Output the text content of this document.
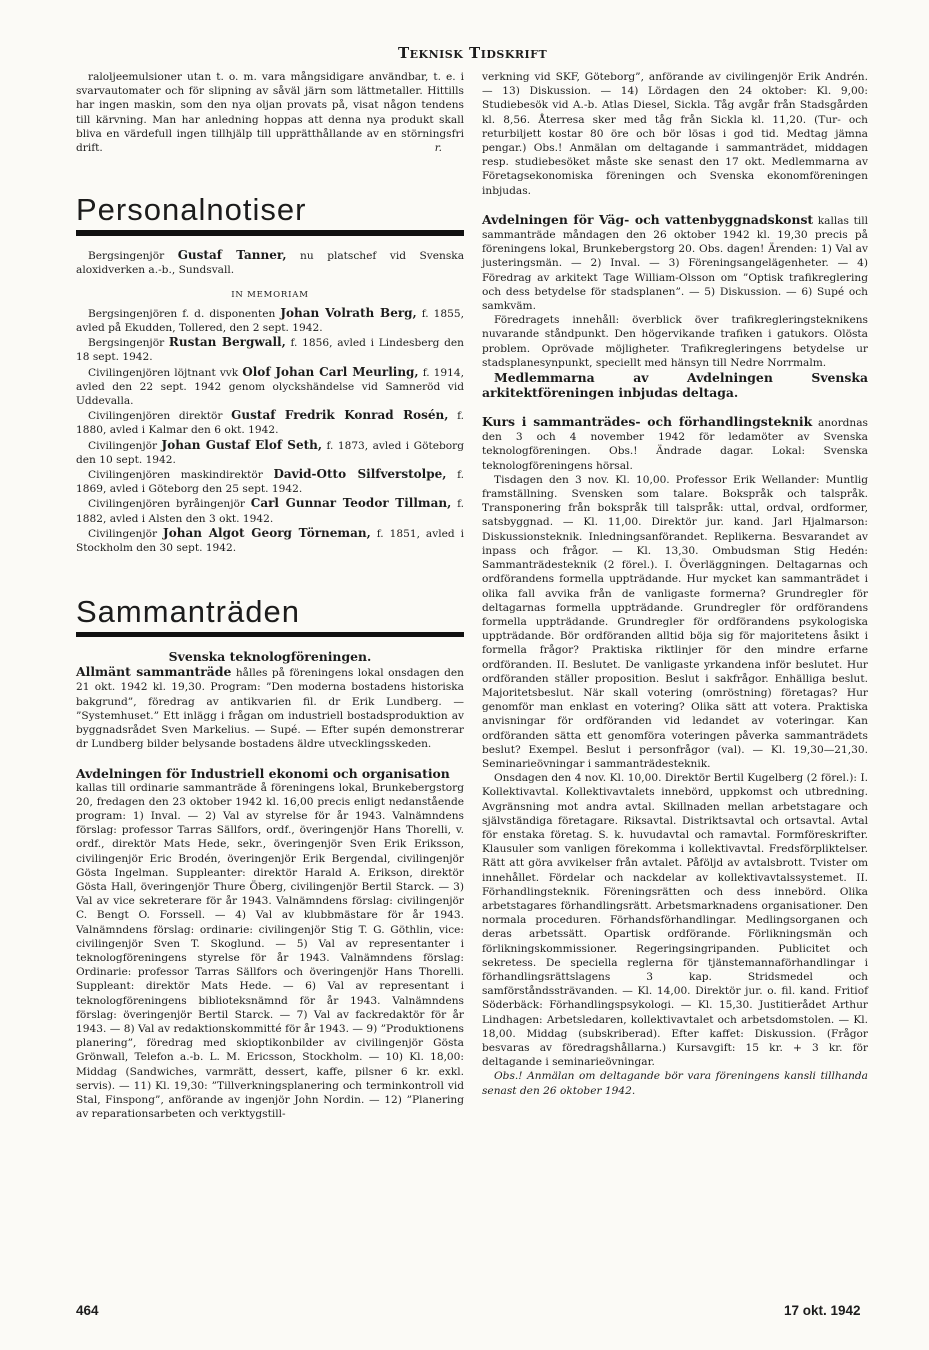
Teknisk Tidskrift

raloljeemulsioner utan t. o. m. vara mångsidigare användbar, t. e. i svarvautomater och för slipning av såväl järn som lättmetaller. Hittills har ingen maskin, som den nya oljan provats på, visat någon tendens till kärvning. Man har anledning hoppas att denna nya produkt skall bliva en värdefull ingen tillhjälp till upprätthållande av en störningsfri drift.	r.

Personalnotiser

Bergsingenjör Gustaf Tanner, nu platschef vid Svenska aloxidverken a.-b., Sundsvall.

IN MEMORIAM

Bergsingenjören f. d. disponenten Johan Volrath Berg, f. 1855, avled på Ekudden, Tollered, den 2 sept. 1942.

Bergsingenjör Rustan Bergwall, f. 1856, avled i Lindesberg den 18 sept. 1942.

Civilingenjören löjtnant vvk Olof Johan Carl Meurling, f. 1914, avled den 22 sept. 1942 genom olyckshändelse vid Samneröd vid Uddevalla.

Civilingenjören direktör Gustaf Fredrik Konrad Rosén, f. 1880, avled i Kalmar den 6 okt. 1942.

Civilingenjör Johan Gustaf Elof Seth, f. 1873, avled i Göteborg den 10 sept. 1942.

Civilingenjören maskindirektör David-Otto Silfverstolpe, f. 1869, avled i Göteborg den 25 sept. 1942.

Civilingenjören byråingenjör Carl Gunnar Teodor Tillman, f. 1882, avled i Alsten den 3 okt. 1942.

Civilingenjör Johan Algot Georg Törneman, f. 1851, avled i Stockholm den 30 sept. 1942.

Sammanträden

Svenska teknologföreningen.

Allmänt sammanträde hålles på föreningens lokal onsdagen den 21 okt. 1942 kl. 19,30. Program: ”Den moderna bostadens historiska bakgrund”, föredrag av antikvarien fil. dr Erik Lundberg. — ”Systemhuset.” Ett inlägg i frågan om industriell bostadsproduktion av byggnadsrådet Sven Markelius. — Supé. — Efter supén demonstrerar dr Lundberg bilder belysande bostadens äldre utvecklingsskeden.

Avdelningen för Industriell ekonomi och organisation

kallas till ordinarie sammanträde å föreningens lokal, Brunkebergstorg 20, fredagen den 23 oktober 1942 kl. 16,00 precis enligt nedanstående program: 1) Inval. — 2) Val av styrelse för år 1943. Valnämndens förslag: professor Tarras Sällfors, ordf., överingenjör Hans Thorelli, v. ordf., direktör Mats Hede, sekr., överingenjör Sven Erik Eriksson, civilingenjör Eric Brodén, överingenjör Erik Bergendal, civilingenjör Gösta Ingelman. Suppleanter: direktör Harald A. Erikson, direktör Gösta Hall, överingenjör Thure Öberg, civilingenjör Bertil Starck. — 3) Val av vice sekreterare för år 1943. Valnämndens förslag: civilingenjör C. Bengt O. Forssell. — 4) Val av klubbmästare för år 1943. Valnämndens förslag: ordinarie: civilingenjör Stig T. G. Göthlin, vice: civilingenjör Sven T. Skoglund. — 5) Val av representanter i teknologföreningens styrelse för år 1943. Valnämndens förslag: Ordinarie: professor Tarras Sällfors och överingenjör Hans Thorelli. Suppleant: direktör Mats Hede. — 6) Val av representant i teknologföreningens biblioteksnämnd för år 1943. Valnämndens förslag: överingenjör Bertil Starck. — 7) Val av fackredaktör för år 1943. — 8) Val av redaktionskommitté för år 1943. — 9) ”Produktionens planering”, föredrag med skioptikonbilder av civilingenjör Gösta Grönwall, Telefon a.-b. L. M. Ericsson, Stockholm. — 10) Kl. 18,00: Middag (Sandwiches, varmrätt, dessert, kaffe, pilsner 6 kr. exkl. servis). — 11) Kl. 19,30: ”Tillverkningsplanering och terminkontroll vid Stal, Finspong”, anförande av ingenjör John Nordin. — 12) ”Planering av reparationsarbeten och verktygstill-

verkning vid SKF, Göteborg”, anförande av civilingenjör Erik Andrén. — 13) Diskussion. — 14) Lördagen den 24 oktober: Kl. 9,00: Studiebesök vid A.-b. Atlas Diesel, Sickla. Tåg avgår från Stadsgården kl. 8,56. Återresa sker med tåg från Sickla kl. 11,20. (Tur- och returbiljett kostar 80 öre och bör lösas i god tid. Medtag jämna pengar.) Obs.! Anmälan om deltagande i sammanträdet, middagen resp. studiebesöket måste ske senast den 17 okt. Medlemmarna av Företagsekonomiska föreningen och Svenska ekonomföreningen inbjudas.

Avdelningen för Väg- och vattenbyggnadskonst kallas till sammanträde måndagen den 26 oktober 1942 kl. 19,30 precis på föreningens lokal, Brunkebergstorg 20. Obs. dagen! Ärenden: 1) Val av justeringsmän. — 2) Inval. — 3) Föreningsangelägenheter. — 4) Föredrag av arkitekt Tage William-Olsson om ”Optisk trafikreglering och dess betydelse för stadsplanen”. — 5) Diskussion. — 6) Supé och samkväm.

Föredragets innehåll: överblick över trafikregleringsteknikens nuvarande ståndpunkt. Den högervikande trafiken i gatukors. Olösta problem. Oprövade möjligheter. Trafikregleringens betydelse ur stadsplanesynpunkt, speciellt med hänsyn till Nedre Norrmalm.

Medlemmarna av Avdelningen Svenska arkitektföreningen inbjudas deltaga.

Kurs i sammanträdes- och förhandlingsteknik anordnas den 3 och 4 november 1942 för ledamöter av Svenska teknologföreningen. Obs.! Ändrade dagar. Lokal: Svenska teknologföreningens hörsal.

Tisdagen den 3 nov. Kl. 10,00. Professor Erik Wellander: Muntlig framställning. Svensken som talare. Bokspråk och talspråk. Transponering från bokspråk till talspråk: uttal, ordval, ordformer, satsbyggnad. — Kl. 11,00. Direktör jur. kand. Jarl Hjalmarson: Diskussionsteknik. Inledningsanförandet. Replikerna. Besvarandet av inpass och frågor. — Kl. 13,30. Ombudsman Stig Hedén: Sammanträdesteknik (2 förel.). I. Överläggningen. Deltagarnas och ordförandens formella uppträdande. Hur mycket kan sammanträdet i olika fall avvika från de vanligaste formerna? Grundregler för deltagarnas formella uppträdande. Grundregler för ordförandens formella uppträdande. Grundregler för ordförandens psykologiska uppträdande. Bör ordföranden alltid böja sig för majoritetens åsikt i formella frågor? Praktiska riktlinjer för den mindre erfarne ordföranden. II. Beslutet. De vanligaste yrkandena inför beslutet. Hur ordföranden ställer proposition. Beslut i sakfrågor. Enhälliga beslut. Majoritetsbeslut. När skall votering (omröstning) företagas? Hur genomför man enklast en votering? Olika sätt att votera. Praktiska anvisningar för ordföranden vid ledandet av voteringar. Kan ordföranden sätta ett genomföra voteringen påverka sammanträdets beslut? Exempel. Beslut i personfrågor (val). — Kl. 19,30—21,30. Seminarieövningar i sammanträdesteknik.

Onsdagen den 4 nov. Kl. 10,00. Direktör Bertil Kugelberg (2 förel.): I. Kollektivavtal. Kollektivavtalets innebörd, uppkomst och utbredning. Avgränsning mot andra avtal. Skillnaden mellan arbetstagare och självständiga företagare. Riksavtal. Distriktsavtal och ortsavtal. Avtal för enstaka företag. S. k. huvudavtal och ramavtal. Formföreskrifter. Klausuler som vanligen förekomma i kollektivavtal. Fredsförpliktelser. Rätt att göra avvikelser från avtalet. Påföljd av avtalsbrott. Tvister om innehållet. Fördelar och nackdelar av kollektivavtalssystemet. II. Förhandlingsteknik. Föreningsrätten och dess innebörd. Olika arbetstagares förhandlingsrätt. Arbetsmarknadens organisationer. Den normala proceduren. Förhandsförhandlingar. Medlingsorganen och deras arbetssätt. Opartisk ordförande. Förlikningsmän och förlikningskommissioner. Regeringsingripanden. Publicitet och sekretess. De speciella reglerna för tjänstemannaförhandlingar i förhandlingsrättslagens 3 kap. Stridsmedel och samförståndssträvanden. — Kl. 14,00. Direktör jur. o. fil. kand. Fritiof Söderbäck: Förhandlingspsykologi. — Kl. 15,30. Justitierådet Arthur Lindhagen: Arbetsledaren, kollektivavtalet och arbetsdomstolen. — Kl. 18,00. Middag (subskriberad). Efter kaffet: Diskussion. (Frågor besvaras av föredragshållarna.) Kursavgift: 15 kr. + 3 kr. för deltagande i seminarieövningar.

Obs.! Anmälan om deltagande bör vara föreningens kansli tillhanda senast den 26 oktober 1942.

464	17 okt. 1942
